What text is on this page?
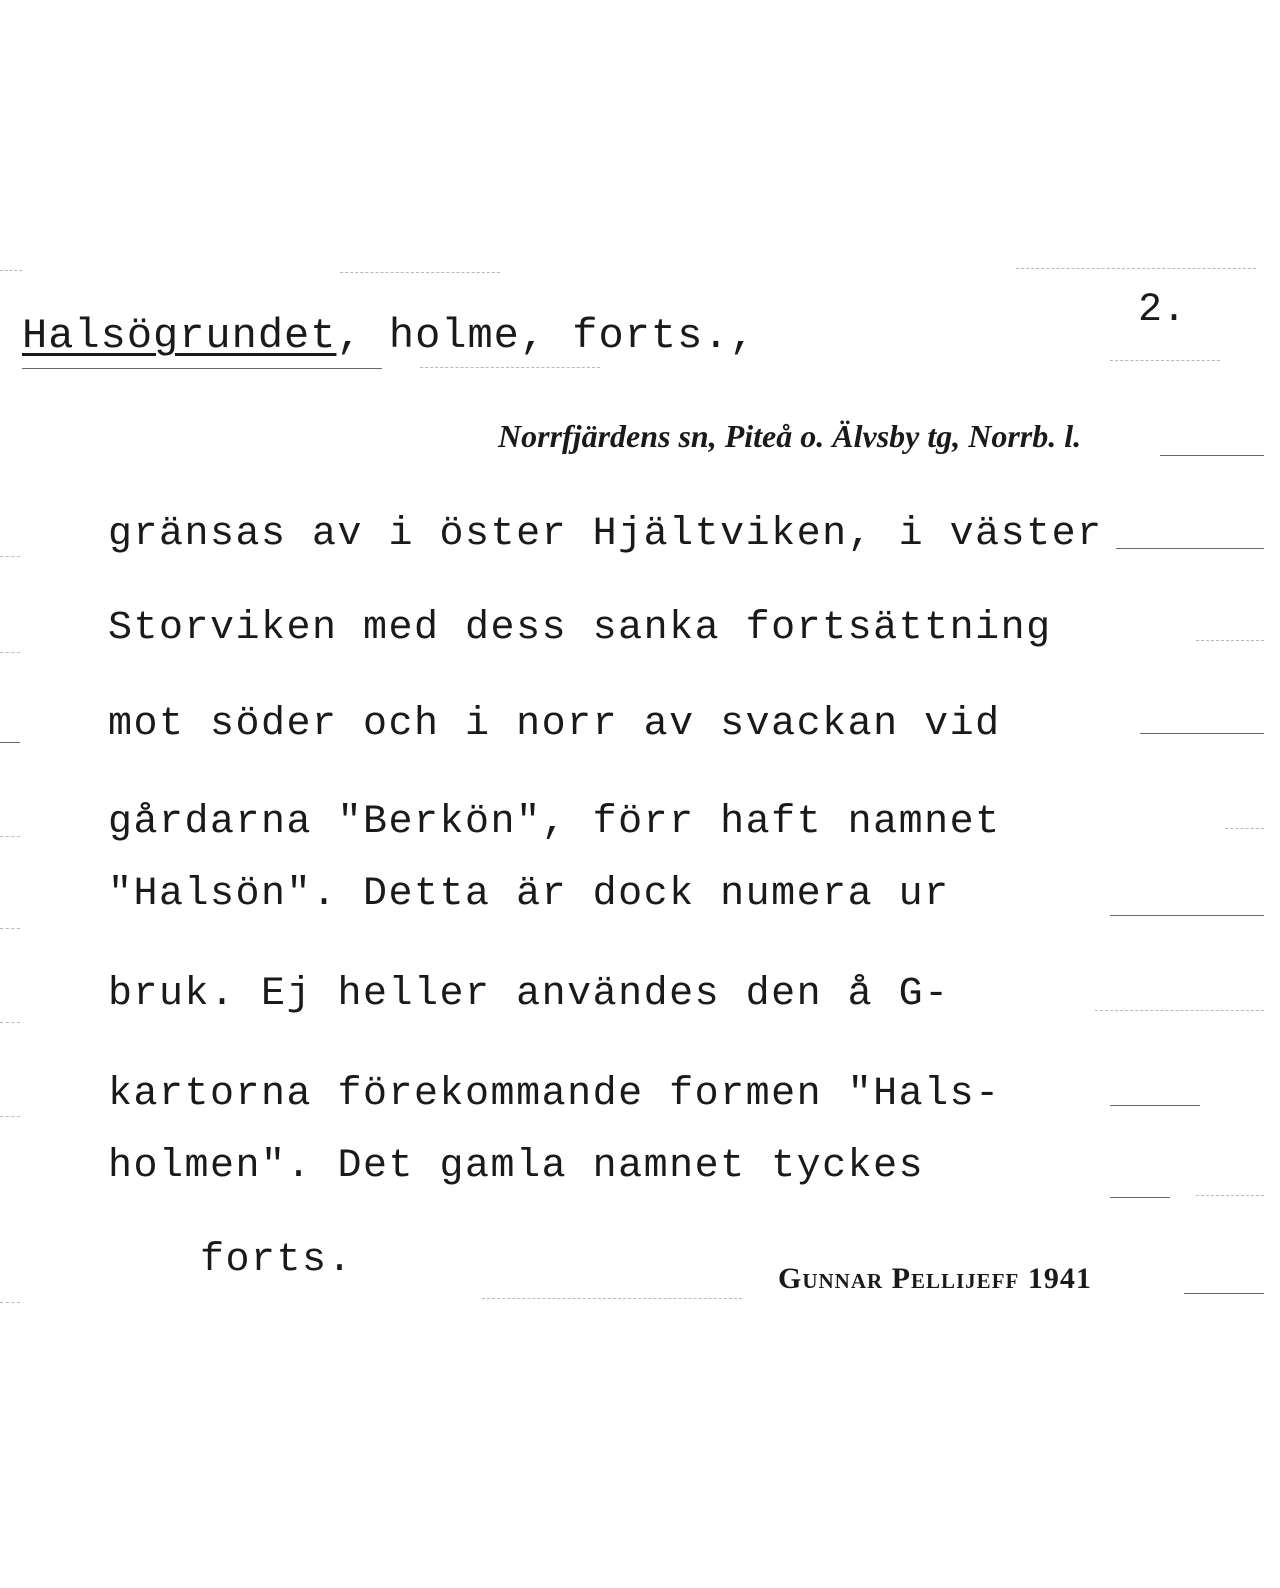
Halsögrundet, holme, forts.,
2.
Norrfjärdens sn, Piteå o. Älvsby tg, Norrb. l.
gränsas av i öster Hjältviken, i väster
Storviken med dess sanka fortsättning
mot söder och i norr av svackan vid
gårdarna "Berkön", förr haft namnet
"Halsön". Detta är dock numera ur
bruk. Ej heller användes den å G-
kartorna förekommande formen "Hals-
holmen". Det gamla namnet tyckes
forts.	Gunnar Pellijeff 1941
